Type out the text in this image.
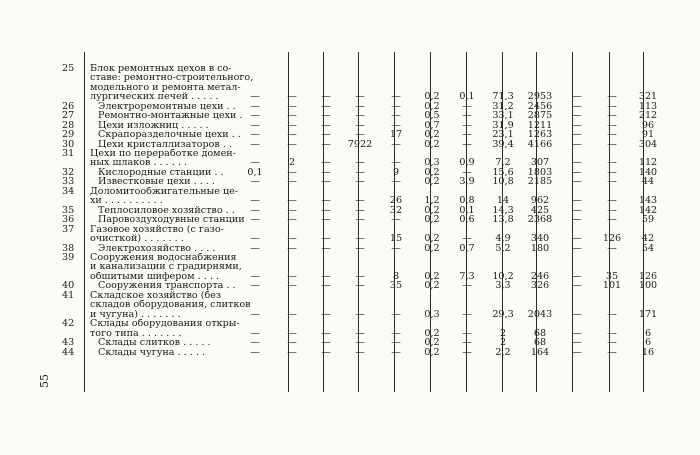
25	Блок ремонтных цехов в со-
ставе: ремонтно-строительного,
модельного и ремонта метал-
лургических печей . . . . .	—	—	—	—	—	0,2	0,1	71,3	2953	—	—	321
26	Электроремонтные цехи . .	—	—	—	—	—	0,2	—	31,2	2456	—	—	113
27	Ремонтно-монтажные цехи . —	—	—	—	—	0,5	—	33,1	2875	—	—	212
28	Цехи изложниц . . . . .	—	—	—	—	—	0,7	—	31,9	1211	—	—	96
29	Скрапоразделочные цехи . . —	—	—	—	17	0,2	—	23,1	1263	—	—	91
30	Цехи кристаллизаторов . .	—	—	—	7922	—	0,2	—	39,4	4166	—	—	304
31	Цехи по переработке домен-
ных шлаков . . . . . .	—	2	—	—	—	0,3	0,9	7,2	307	—	—	112
32	Кислородные станции . .	0,1	—	—	—	9	0,2	—	15,6	1803	—	—	140
33	Известковые цехи . . . .	—	—	—	—	—	0,2	3,9	10,8	2185	—	—	44
34	Доломитообжигательные це-
хи . . . . . . . . . .	—	—	—	—	26	1,2	0,8	14	962	—	—	143
35	Теплосиловое хозяйство . .	—	—	—	—	32	0,2	0,1	14,3	425	—	—	142
36	Паровоздуходувные станции —	—	—	—	—	0,2	0,6	13,8	2368	—	—	59
37	Газовое хозяйство (с газо-
очисткой) . . . . . . .	—	—	—	—	15	0,2	—	4,9	340	—	126	42
38	Электрохозяйство . . . .	—	—	—	—	—	0,2	0,7	5,2	180	—	—	54
39	Сооружения водоснабжения
и канализации с градирнями,
обшитыми шифером . . . .	—	—	—	—	8	0,2	7,3	10,2	246	—	35	126
40	Сооружения транспорта . .	—	—	—	—	35	0,2	—	3,3	326	—	101	100
41	Складское хозяйство (без
складов оборудования, слитков
и чугуна) . . . . . . .	—	—	—	—	—	0,3	—	29,3	2043	—	—	171
42	Склады оборудования откры-
того типа . . . . . . .	—	—	—	—	—	0,2	—	2	68	—	—	6
43	Склады слитков . . . . .	—	—	—	—	—	0,2	—	2	68	—	—	6
44	Склады чугуна . . . . .	—	—	—	—	—	0,2	—	2,2	164	—	—	16
55
